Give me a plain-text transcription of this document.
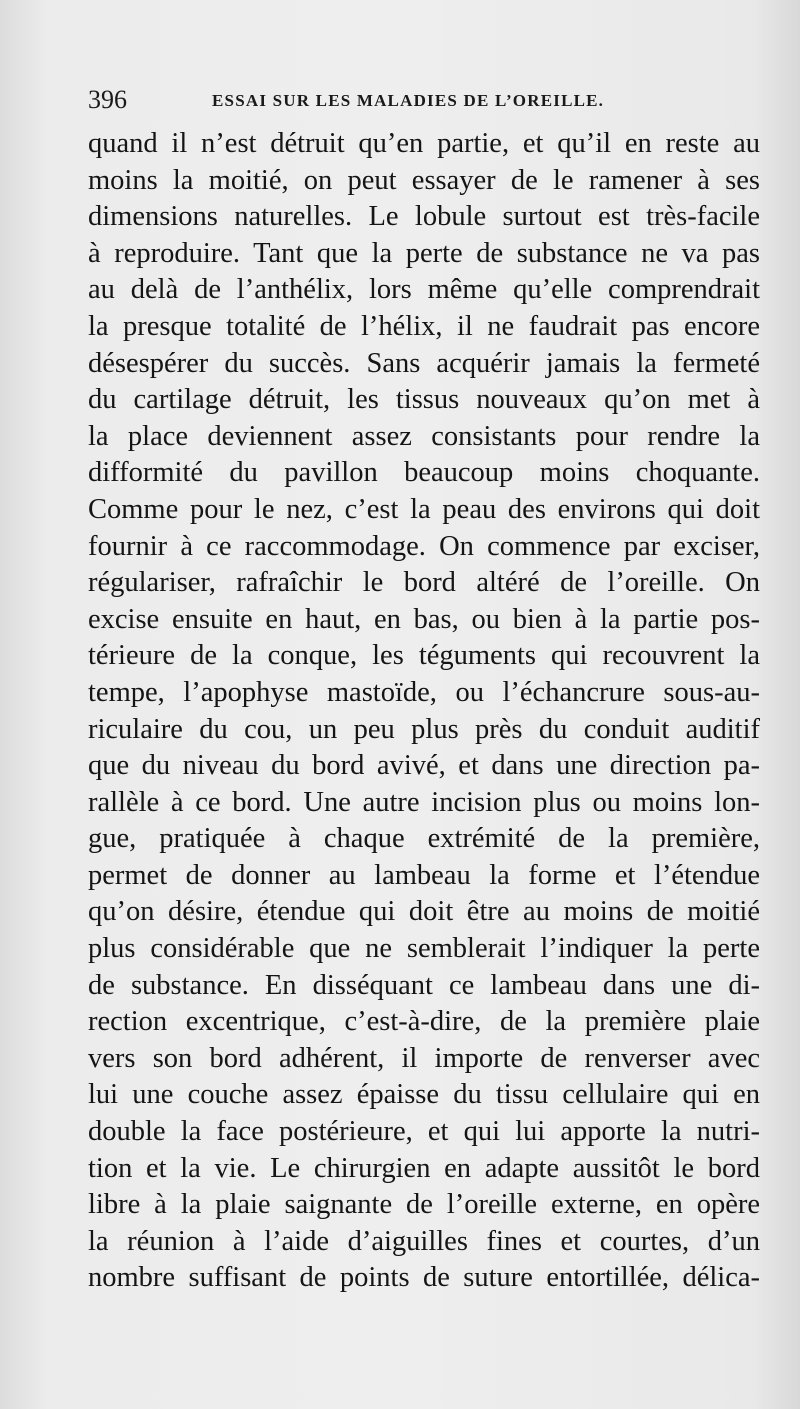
396	ESSAI SUR LES MALADIES DE L’OREILLE.
quand il n’est détruit qu’en partie, et qu’il en reste au
moins la moitié, on peut essayer de le ramener à ses
dimensions naturelles. Le lobule surtout est très-facile
à reproduire. Tant que la perte de substance ne va pas
au delà de l’anthélix, lors même qu’elle comprendrait
la presque totalité de l’hélix, il ne faudrait pas encore
désespérer du succès. Sans acquérir jamais la fermeté
du cartilage détruit, les tissus nouveaux qu’on met à
la place deviennent assez consistants pour rendre la
difformité du pavillon beaucoup moins choquante.
Comme pour le nez, c’est la peau des environs qui doit
fournir à ce raccommodage. On commence par exciser,
régulariser, rafraîchir le bord altéré de l’oreille. On
excise ensuite en haut, en bas, ou bien à la partie pos-
térieure de la conque, les téguments qui recouvrent la
tempe, l’apophyse mastoïde, ou l’échancrure sous-au-
riculaire du cou, un peu plus près du conduit auditif
que du niveau du bord avivé, et dans une direction pa-
rallèle à ce bord. Une autre incision plus ou moins lon-
gue, pratiquée à chaque extrémité de la première,
permet de donner au lambeau la forme et l’étendue
qu’on désire, étendue qui doit être au moins de moitié
plus considérable que ne semblerait l’indiquer la perte
de substance. En disséquant ce lambeau dans une di-
rection excentrique, c’est-à-dire, de la première plaie
vers son bord adhérent, il importe de renverser avec
lui une couche assez épaisse du tissu cellulaire qui en
double la face postérieure, et qui lui apporte la nutri-
tion et la vie. Le chirurgien en adapte aussitôt le bord
libre à la plaie saignante de l’oreille externe, en opère
la réunion à l’aide d’aiguilles fines et courtes, d’un
nombre suffisant de points de suture entortillée, délica-
